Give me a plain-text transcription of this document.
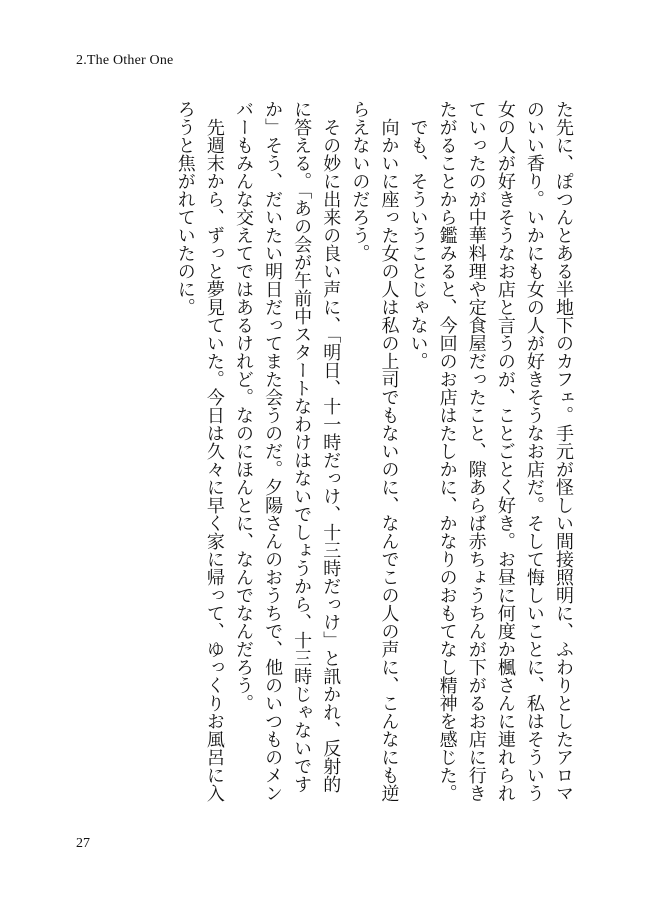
2.The Other One

た先に、ぽつんとある半地下のカフェ。手元が怪しい間接照明に、ふわりとしたアロマのいい香り。いかにも女の人が好きそうなお店だ。そして悔しいことに、私はそういう女の人が好きそうなお店と言うのが、ことごとく好き。お昼に何度か楓さんに連れられていったのが中華料理や定食屋だったこと、隙あらば赤ちょうちんが下がるお店に行きたがることから鑑みると、今回のお店はたしかに、かなりのおもてなし精神を感じた。

でも、そういうことじゃない。

向かいに座った女の人は私の上司でもないのに、なんでこの人の声に、こんなにも逆らえないのだろう。

その妙に出来の良い声に、「明日、十一時だっけ、十三時だっけ」と訊かれ、反射的に答える。「あの会が午前中スタートなわけはないでしょうから、十三時じゃないですか」そう、だいたい明日だってまた会うのだ。夕陽さんのおうちで、他のいつものメンバーもみんな交えてではあるけれど。なのにほんとに、なんでなんだろう。

先週末から、ずっと夢見ていた。今日は久々に早く家に帰って、ゆっくりお風呂に入ろうと焦がれていたのに。

27
